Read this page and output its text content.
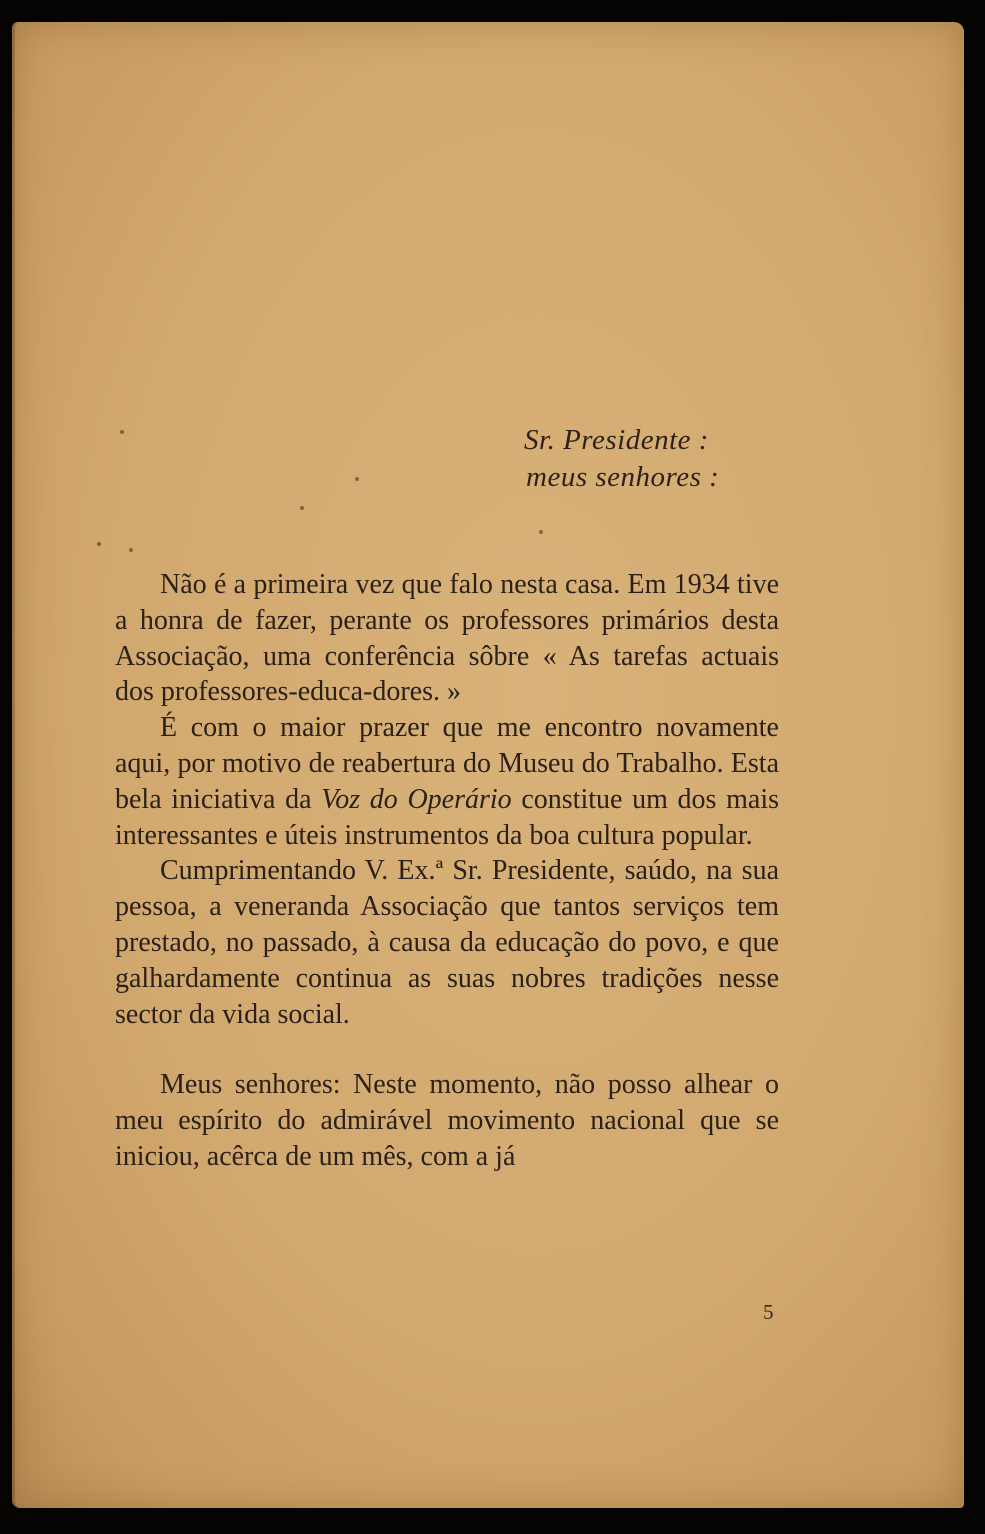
Sr. Presidente :
meus senhores :

Não é a primeira vez que falo nesta casa. Em 1934 tive a honra de fazer, perante os professores primários desta Associação, uma conferência sôbre « As tarefas actuais dos professores-educa-dores. »

É com o maior prazer que me encontro novamente aqui, por motivo de reabertura do Museu do Trabalho. Esta bela iniciativa da Voz do Operário constitue um dos mais interessantes e úteis instrumentos da boa cultura popular.

Cumprimentando V. Ex.ª Sr. Presidente, saúdo, na sua pessoa, a veneranda Associação que tantos serviços tem prestado, no passado, à causa da educação do povo, e que galhardamente continua as suas nobres tradições nesse sector da vida social.

Meus senhores: Neste momento, não posso alhear o meu espírito do admirável movimento nacional que se iniciou, acêrca de um mês, com a já

5
